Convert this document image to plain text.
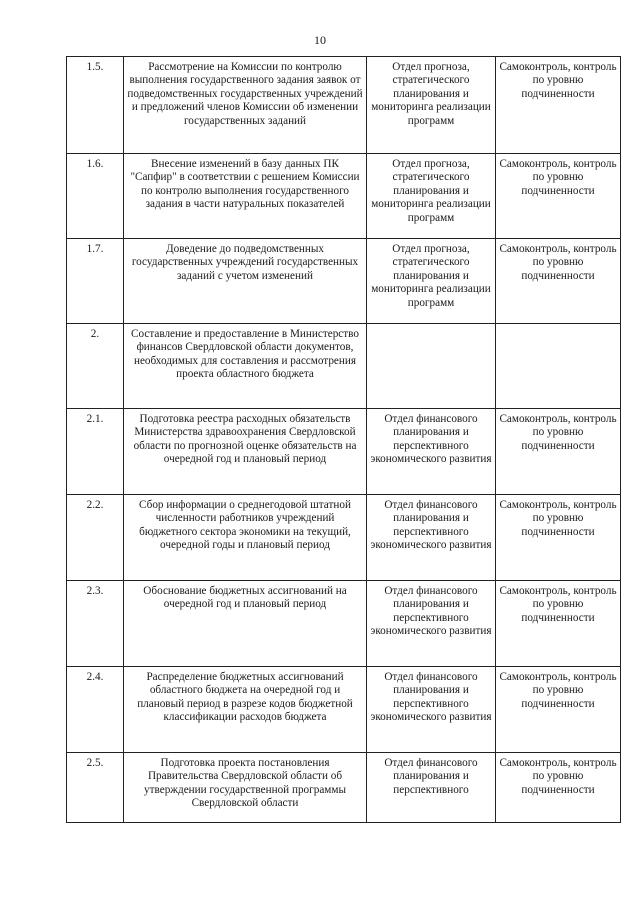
10
1.5.	Рассмотрение на Комиссии по контролю выполнения государственного задания заявок от подведомственных государственных учреждений и предложений членов Комиссии об изменении государственных заданий	Отдел прогноза, стратегического планирования и мониторинга реализации программ	Самоконтроль, контроль по уровню подчиненности
1.6.	Внесение изменений в базу данных ПК "Сапфир" в соответствии с решением Комиссии по контролю выполнения государственного задания в части натуральных показателей	Отдел прогноза, стратегического планирования и мониторинга реализации программ	Самоконтроль, контроль по уровню подчиненности
1.7.	Доведение до подведомственных государственных учреждений государственных заданий с учетом изменений	Отдел прогноза, стратегического планирования и мониторинга реализации программ	Самоконтроль, контроль по уровню подчиненности
2.	Составление и предоставление в Министерство финансов Свердловской области документов, необходимых для составления и рассмотрения проекта областного бюджета		
2.1.	Подготовка реестра расходных обязательств Министерства здравоохранения Свердловской области по прогнозной оценке обязательств на очередной год и плановый период	Отдел финансового планирования и перспективного экономического развития	Самоконтроль, контроль по уровню подчиненности
2.2.	Сбор информации о среднегодовой штатной численности работников учреждений бюджетного сектора экономики на текущий, очередной годы и плановый период	Отдел финансового планирования и перспективного экономического развития	Самоконтроль, контроль по уровню подчиненности
2.3.	Обоснование бюджетных ассигнований на очередной год и плановый период	Отдел финансового планирования и перспективного экономического развития	Самоконтроль, контроль по уровню подчиненности
2.4.	Распределение бюджетных ассигнований областного бюджета на очередной год и плановый период в разрезе кодов бюджетной классификации расходов бюджета	Отдел финансового планирования и перспективного экономического развития	Самоконтроль, контроль по уровню подчиненности
2.5.	Подготовка проекта постановления Правительства Свердловской области об утверждении государственной программы Свердловской области	Отдел финансового планирования и перспективного	Самоконтроль, контроль по уровню подчиненности
